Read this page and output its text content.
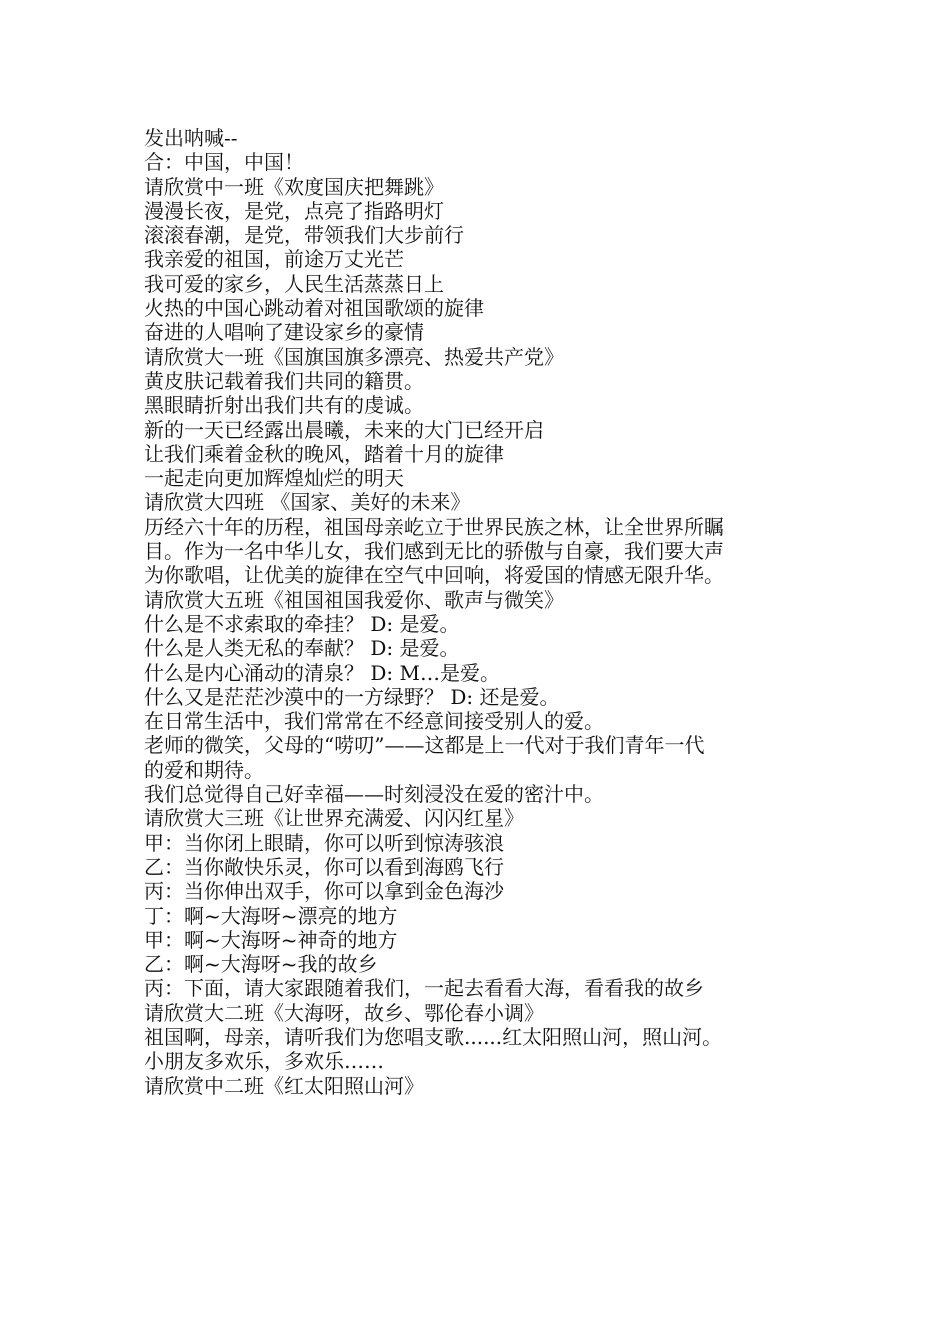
发出呐喊--
合：中国，中国！
请欣赏中一班《欢度国庆把舞跳》
漫漫长夜，是党，点亮了指路明灯
滚滚春潮，是党，带领我们大步前行
我亲爱的祖国，前途万丈光芒
我可爱的家乡，人民生活蒸蒸日上
火热的中国心跳动着对祖国歌颂的旋律
奋进的人唱响了建设家乡的豪情
请欣赏大一班《国旗国旗多漂亮、热爱共产党》
黄皮肤记载着我们共同的籍贯。
黑眼睛折射出我们共有的虔诚。
新的一天已经露出晨曦，未来的大门已经开启
让我们乘着金秋的晚风，踏着十月的旋律
一起走向更加辉煌灿烂的明天
请欣赏大四班 《国家、美好的未来》
历经六十年的历程，祖国母亲屹立于世界民族之林，让全世界所瞩
目。作为一名中华儿女，我们感到无比的骄傲与自豪，我们要大声
为你歌唱，让优美的旋律在空气中回响，将爱国的情感无限升华。
请欣赏大五班《祖国祖国我爱你、歌声与微笑》
什么是不求索取的牵挂？ D: 是爱。
什么是人类无私的奉献？ D: 是爱。
什么是内心涌动的清泉？ D: M…是爱。
什么又是茫茫沙漠中的一方绿野？ D: 还是爱。
在日常生活中，我们常常在不经意间接受别人的爱。
老师的微笑，父母的“唠叨”——这都是上一代对于我们青年一代
的爱和期待。
我们总觉得自己好幸福——时刻浸没在爱的密汁中。
请欣赏大三班《让世界充满爱、闪闪红星》
甲：当你闭上眼睛，你可以听到惊涛骇浪
乙：当你敞快乐灵，你可以看到海鸥飞行
丙：当你伸出双手，你可以拿到金色海沙
丁：啊~大海呀~漂亮的地方
甲：啊~大海呀~神奇的地方
乙：啊~大海呀~我的故乡
丙：下面，请大家跟随着我们，一起去看看大海，看看我的故乡
请欣赏大二班《大海呀，故乡、鄂伦春小调》
祖国啊，母亲，请听我们为您唱支歌......红太阳照山河，照山河。
小朋友多欢乐，多欢乐……
请欣赏中二班《红太阳照山河》
